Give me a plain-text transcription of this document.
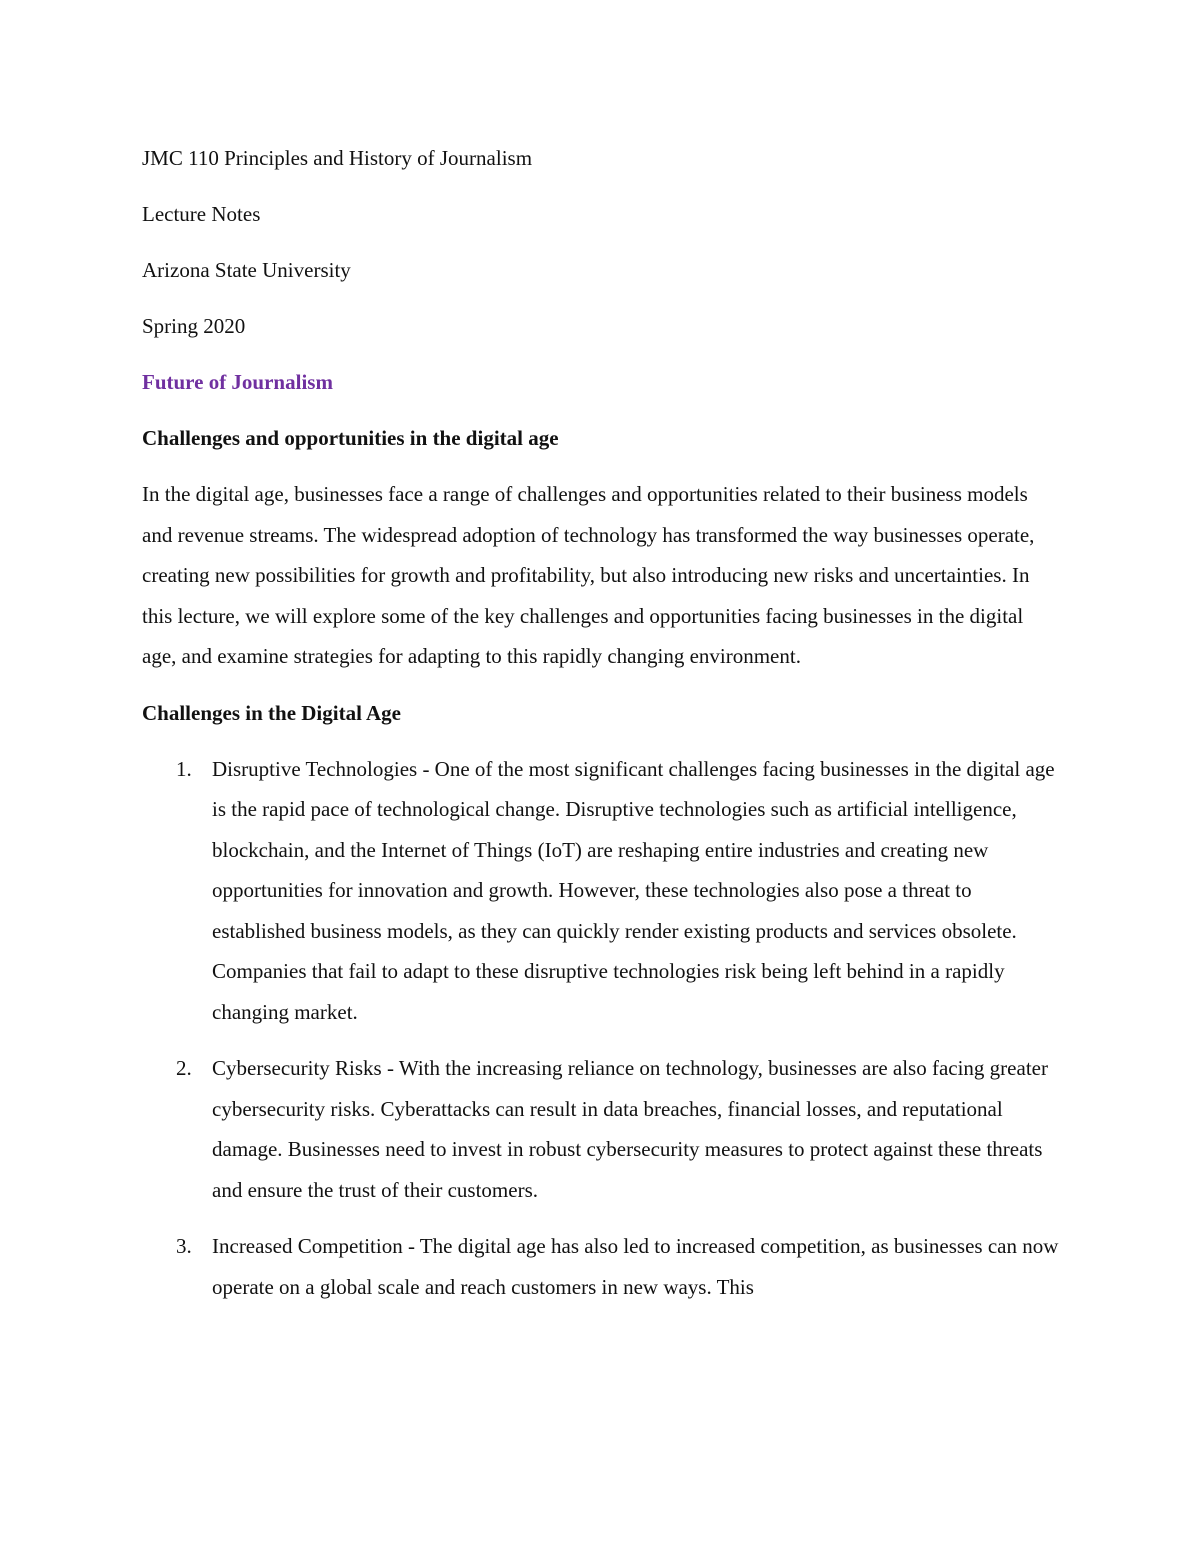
JMC 110 Principles and History of Journalism
Lecture Notes
Arizona State University
Spring 2020
Future of Journalism
Challenges and opportunities in the digital age

In the digital age, businesses face a range of challenges and opportunities related to their business models and revenue streams. The widespread adoption of technology has transformed the way businesses operate, creating new possibilities for growth and profitability, but also introducing new risks and uncertainties. In this lecture, we will explore some of the key challenges and opportunities facing businesses in the digital age, and examine strategies for adapting to this rapidly changing environment.

Challenges in the Digital Age
1. Disruptive Technologies - One of the most significant challenges facing businesses in the digital age is the rapid pace of technological change. Disruptive technologies such as artificial intelligence, blockchain, and the Internet of Things (IoT) are reshaping entire industries and creating new opportunities for innovation and growth. However, these technologies also pose a threat to established business models, as they can quickly render existing products and services obsolete. Companies that fail to adapt to these disruptive technologies risk being left behind in a rapidly changing market.
2. Cybersecurity Risks - With the increasing reliance on technology, businesses are also facing greater cybersecurity risks. Cyberattacks can result in data breaches, financial losses, and reputational damage. Businesses need to invest in robust cybersecurity measures to protect against these threats and ensure the trust of their customers.
3. Increased Competition - The digital age has also led to increased competition, as businesses can now operate on a global scale and reach customers in new ways. This
